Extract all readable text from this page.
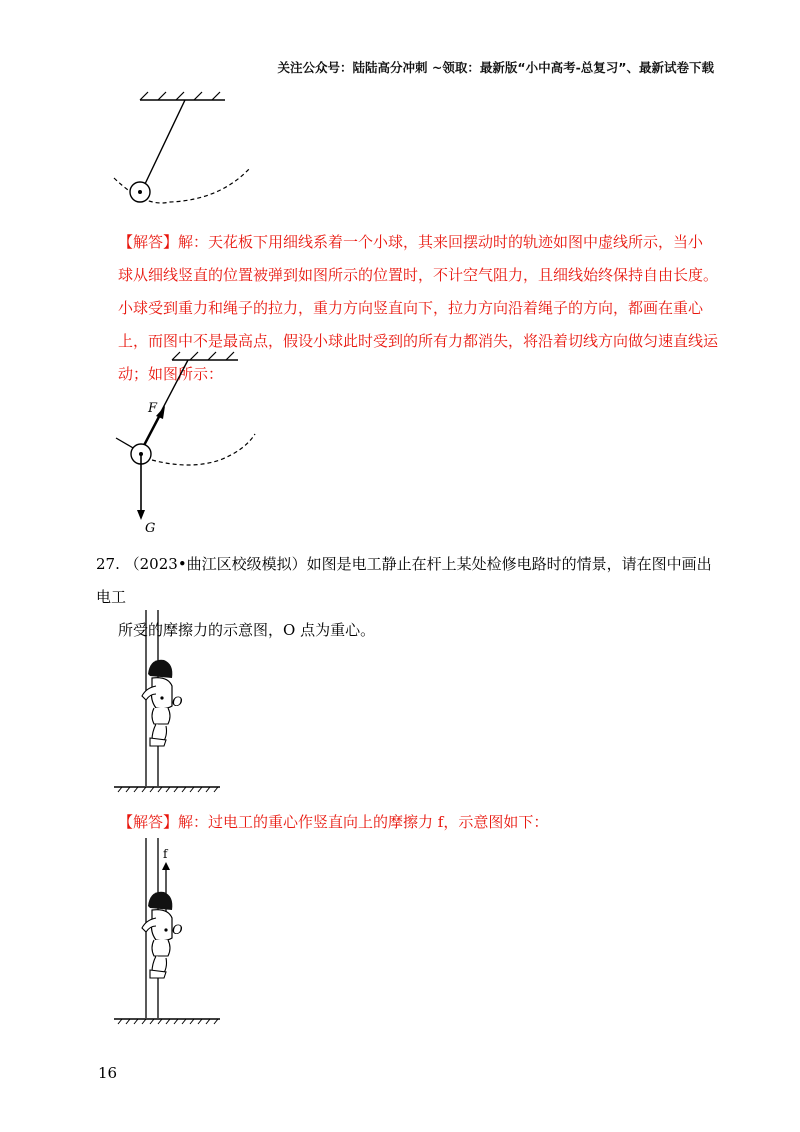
关注公众号：陆陆高分冲刺 ~领取：最新版“小中高考-总复习”、最新试卷下载
【解答】解：天花板下用细线系着一个小球，其来回摆动时的轨迹如图中虚线所示，当小球从细线竖直的位置被弹到如图所示的位置时，不计空气阻力，且细线始终保持自由长度。小球受到重力和绳子的拉力，重力方向竖直向下，拉力方向沿着绳子的方向，都画在重心上，而图中不是最高点，假设小球此时受到的所有力都消失，将沿着切线方向做匀速直线运动；如图所示：
F
G
27. （2023•曲江区校级模拟）如图是电工静止在杆上某处检修电路时的情景，请在图中画出电工
所受的摩擦力的示意图，O 点为重心。
O
【解答】解：过电工的重心作竖直向上的摩擦力 f，示意图如下：
f
O
16
